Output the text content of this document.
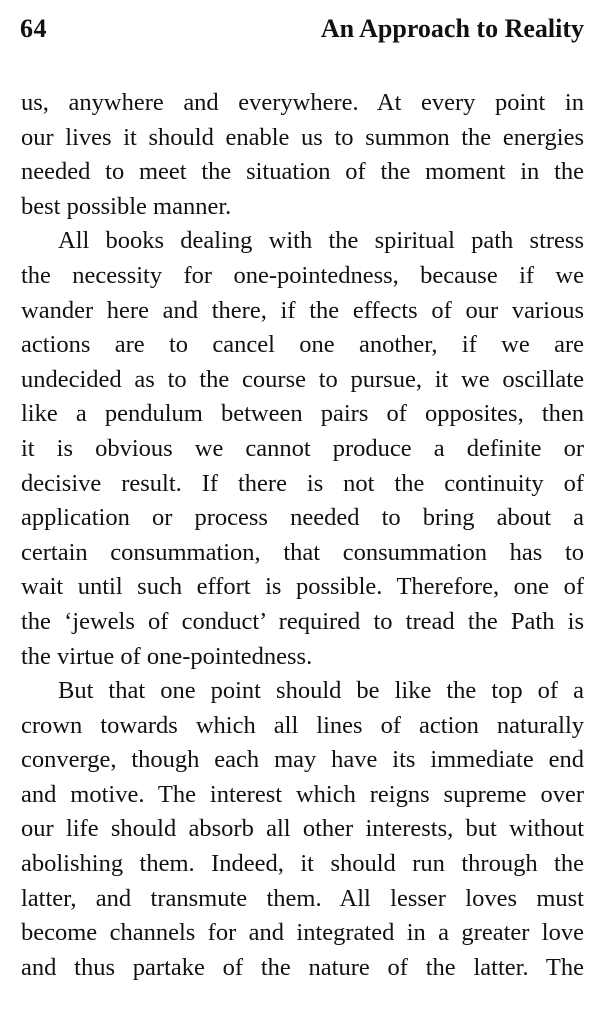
64	An Approach to Reality
us, anywhere and everywhere. At every point in
our lives it should enable us to summon the energies
needed to meet the situation of the moment in the
best possible manner.
All books dealing with the spiritual path stress
the necessity for one-pointedness, because if we
wander here and there, if the effects of our various
actions are to cancel one another, if we are
undecided as to the course to pursue, it we oscillate
like a pendulum between pairs of opposites, then
it is obvious we cannot produce a definite or
decisive result. If there is not the continuity of
application or process needed to bring about a
certain consummation, that consummation has to
wait until such effort is possible. Therefore, one of
the ‘jewels of conduct’ required to tread the Path is
the virtue of one-pointedness.
But that one point should be like the top of a
crown towards which all lines of action naturally
converge, though each may have its immediate end
and motive. The interest which reigns supreme over
our life should absorb all other interests, but without
abolishing them. Indeed, it should run through the
latter, and transmute them. All lesser loves must
become channels for and integrated in a greater love
and thus partake of the nature of the latter. The
